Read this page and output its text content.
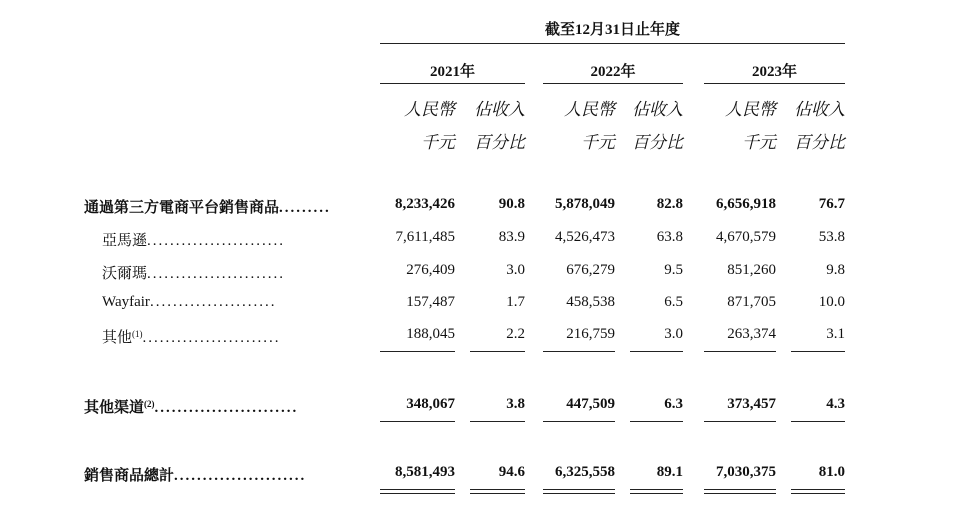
截至12月31日止年度
2021年	2022年	2023年
人民幣	佔收入	人民幣	佔收入	人民幣	佔收入
千元	百分比	千元	百分比	千元	百分比
通過第三方電商平台銷售商品.........	8,233,426	90.8	5,878,049	82.8	6,656,918	76.7
亞馬遜........................	7,611,485	83.9	4,526,473	63.8	4,670,579	53.8
沃爾瑪........................	276,409	3.0	676,279	9.5	851,260	9.8
Wayfair......................	157,487	1.7	458,538	6.5	871,705	10.0
其他$^{(1)}$........................	188,045	2.2	216,759	3.0	263,374	3.1
其他渠道$^{(2)}$.........................	348,067	3.8	447,509	6.3	373,457	4.3
銷售商品總計.......................	8,581,493	94.6	6,325,558	89.1	7,030,375	81.0
